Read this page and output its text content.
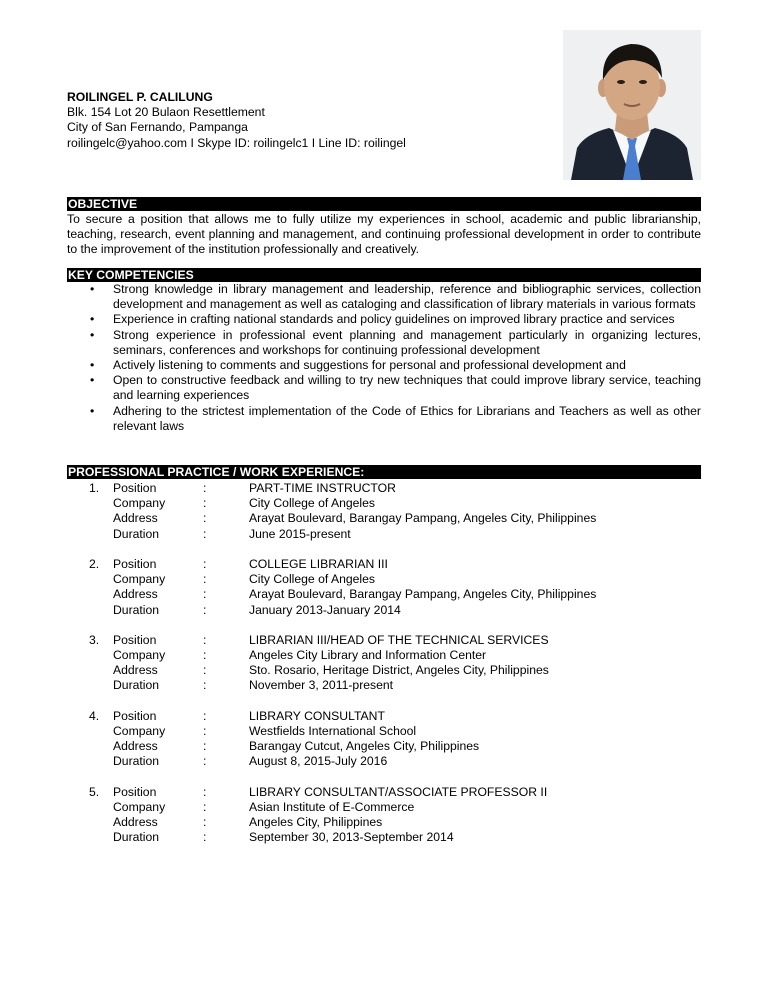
ROILINGEL P. CALILUNG
Blk. 154 Lot 20 Bulaon Resettlement
City of San Fernando, Pampanga
roilingelc@yahoo.com I Skype ID: roilingelc1 I Line ID: roilingel
OBJECTIVE

To secure a position that allows me to fully utilize my experiences in school, academic and public librarianship, teaching, research, event planning and management, and continuing professional development in order to contribute to the improvement of the institution professionally and creatively.

KEY COMPETENCIES
•	Strong knowledge in library management and leadership, reference and bibliographic services, collection development and management as well as cataloging and classification of library materials in various formats
•	Experience in crafting national standards and policy guidelines on improved library practice and services
•	Strong experience in professional event planning and management particularly in organizing lectures, seminars, conferences and workshops for continuing professional development
•	Actively listening to comments and suggestions for personal and professional development and
•	Open to constructive feedback and willing to try new techniques that could improve library service, teaching and learning experiences
•	Adhering to the strictest implementation of the Code of Ethics for Librarians and Teachers as well as other relevant laws
PROFESSIONAL PRACTICE / WORK EXPERIENCE:
1. Position	:	PART-TIME INSTRUCTOR
Company	:	City College of Angeles
Address	:	Arayat Boulevard, Barangay Pampang, Angeles City, Philippines
Duration	:	June 2015-present
2. Position	:	COLLEGE LIBRARIAN III
Company	:	City College of Angeles
Address	:	Arayat Boulevard, Barangay Pampang, Angeles City, Philippines
Duration	:	January 2013-January 2014
3. Position	:	LIBRARIAN III/HEAD OF THE TECHNICAL SERVICES
Company	:	Angeles City Library and Information Center
Address	:	Sto. Rosario, Heritage District, Angeles City, Philippines
Duration	:	November 3, 2011-present
4. Position	:	LIBRARY CONSULTANT
Company	:	Westfields International School
Address	:	Barangay Cutcut, Angeles City, Philippines
Duration	:	August 8, 2015-July 2016
5. Position	:	LIBRARY CONSULTANT/ASSOCIATE PROFESSOR II
Company	:	Asian Institute of E-Commerce
Address	:	Angeles City, Philippines
Duration	:	September 30, 2013-September 2014
